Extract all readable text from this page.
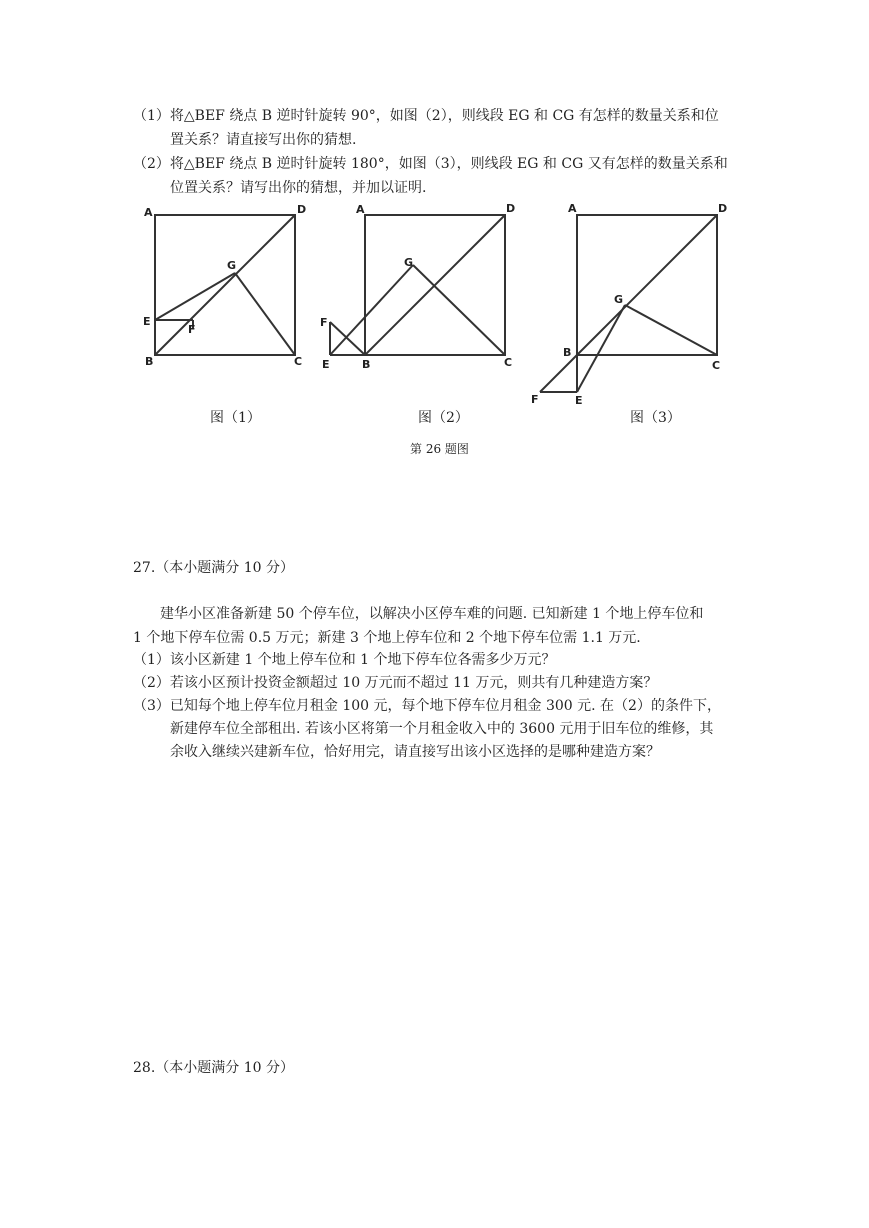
（1）将△BEF 绕点 B 逆时针旋转 90°，如图（2），则线段 EG 和 CG 有怎样的数量关系和位
置关系？请直接写出你的猜想.
（2）将△BEF 绕点 B 逆时针旋转 180°，如图（3），则线段 EG 和 CG 又有怎样的数量关系和
位置关系？请写出你的猜想，并加以证明.
A	D
G
E
F
B	C
A	D
G
F
E	B	C
A	D
G
B
C
F	E
图（1）	图（2）	图（3）
第 26 题图
27.（本小题满分 10 分）
建华小区准备新建 50 个停车位，以解决小区停车难的问题. 已知新建 1 个地上停车位和
1 个地下停车位需 0.5 万元；新建 3 个地上停车位和 2 个地下停车位需 1.1 万元.
（1）该小区新建 1 个地上停车位和 1 个地下停车位各需多少万元？
（2）若该小区预计投资金额超过 10 万元而不超过 11 万元，则共有几种建造方案？
（3）已知每个地上停车位月租金 100 元，每个地下停车位月租金 300 元. 在（2）的条件下，
新建停车位全部租出. 若该小区将第一个月租金收入中的 3600 元用于旧车位的维修，其
余收入继续兴建新车位，恰好用完，请直接写出该小区选择的是哪种建造方案？
28.（本小题满分 10 分）
